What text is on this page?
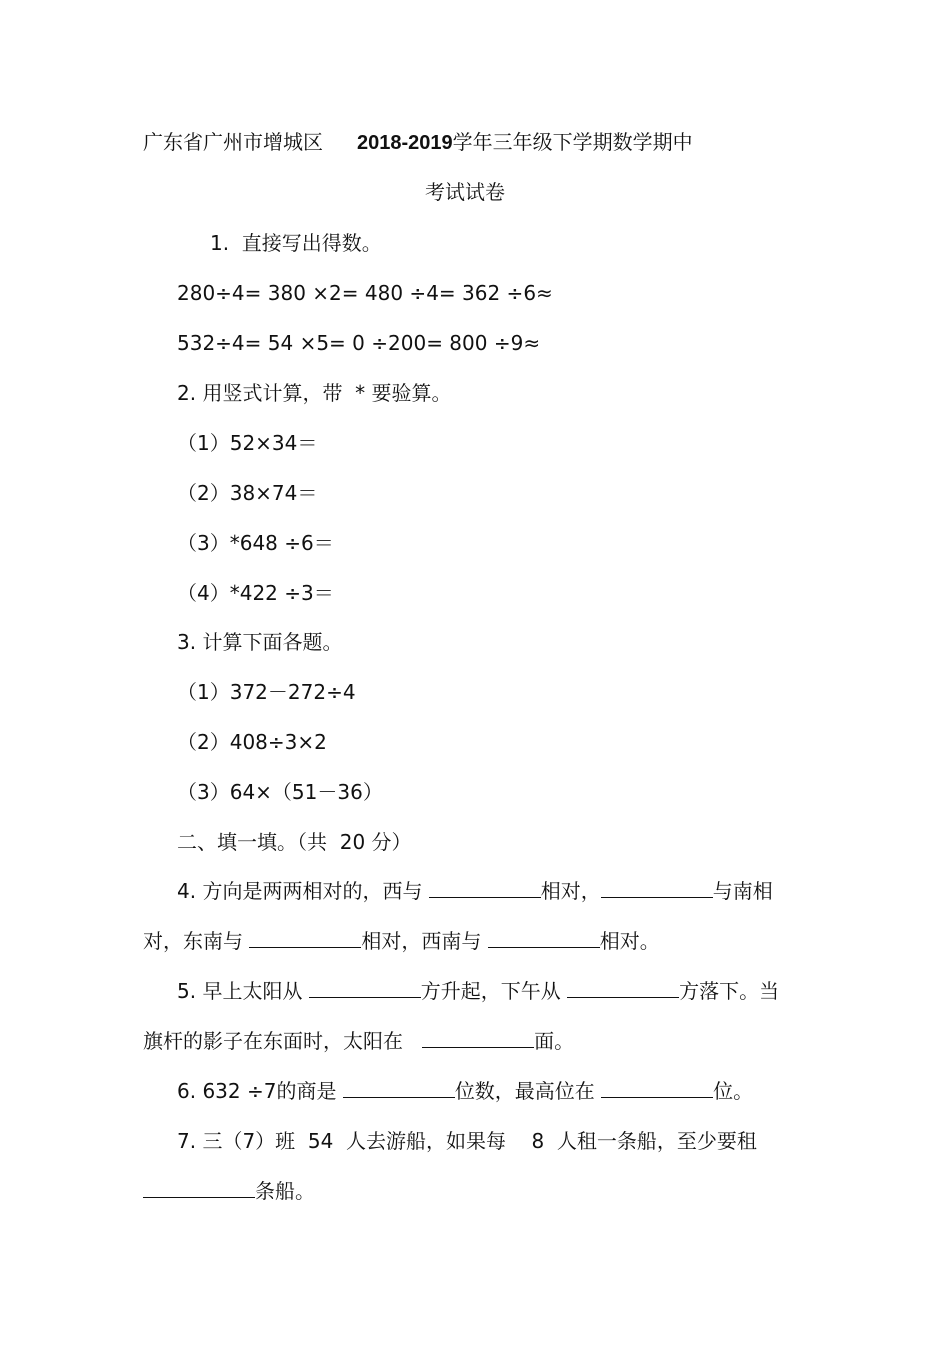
广东省广州市增城区 2018-2019学年三年级下学期数学期中
考试试卷
1.  直接写出得数。
280÷4= 380 ×2= 480 ÷4= 362 ÷6≈
532÷4= 54 ×5= 0 ÷200= 800 ÷9≈
2. 用竖式计算，带  * 要验算。
（1）52×34＝
（2）38×74＝
（3）*648 ÷6＝
（4）*422 ÷3＝
3. 计算下面各题。
（1）372－272÷4
（2）408÷3×2
（3）64×（51－36）
二、填一填。（共  20 分）
4. 方向是两两相对的，西与	相对，	与南相
对，东南与	相对，西南与	相对。
5. 早上太阳从	方升起，下午从	方落下。当
旗杆的影子在东面时，太阳在	面。
6. 632 ÷7的商是	位数，最高位在	位。
7. 三（7）班  54  人去游船，如果每    8  人租一条船，至少要租
条船。
